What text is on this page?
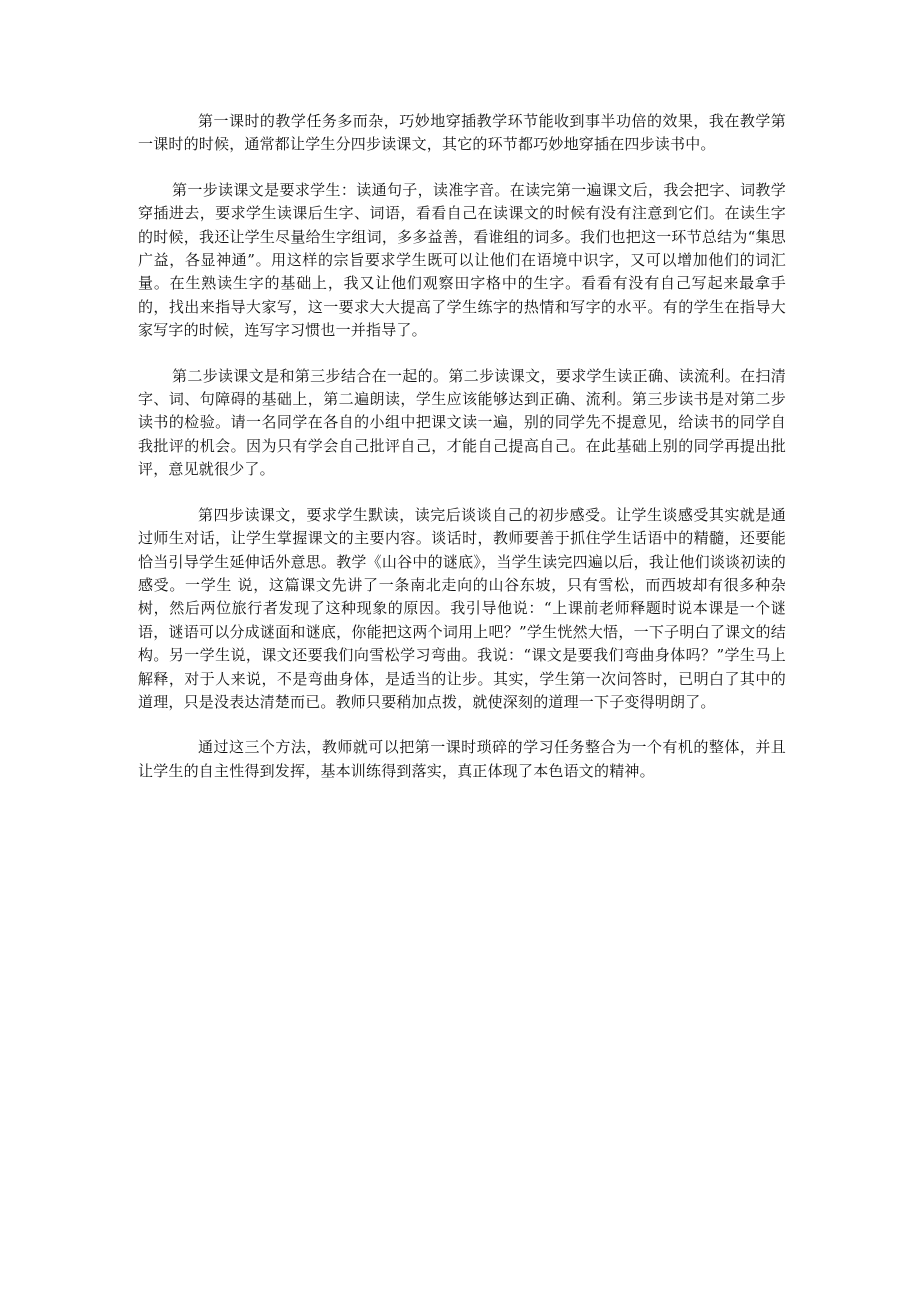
第一课时的教学任务多而杂，巧妙地穿插教学环节能收到事半功倍的效果，我在教学第一课时的时候，通常都让学生分四步读课文，其它的环节都巧妙地穿插在四步读书中。

第一步读课文是要求学生：读通句子，读准字音。在读完第一遍课文后，我会把字、词教学穿插进去，要求学生读课后生字、词语，看看自己在读课文的时候有没有注意到它们。在读生字的时候，我还让学生尽量给生字组词，多多益善，看谁组的词多。我们也把这一环节总结为“集思广益，各显神通”。用这样的宗旨要求学生既可以让他们在语境中识字，又可以增加他们的词汇量。在生熟读生字的基础上，我又让他们观察田字格中的生字。看看有没有自己写起来最拿手的，找出来指导大家写，这一要求大大提高了学生练字的热情和写字的水平。有的学生在指导大家写字的时候，连写字习惯也一并指导了。

第二步读课文是和第三步结合在一起的。第二步读课文，要求学生读正确、读流利。在扫清字、词、句障碍的基础上，第二遍朗读，学生应该能够达到正确、流利。第三步读书是对第二步读书的检验。请一名同学在各自的小组中把课文读一遍，别的同学先不提意见，给读书的同学自 我批评的机会。因为只有学会自己批评自己，才能自己提高自己。在此基础上别的同学再提出批评，意见就很少了。

第四步读课文，要求学生默读，读完后谈谈自己的初步感受。让学生谈感受其实就是通过师生对话，让学生掌握课文的主要内容。谈话时，教师要善于抓住学生话语中的精髓，还要能恰当引导学生延伸话外意思。教学《山谷中的谜底》，当学生读完四遍以后，我让他们谈谈初读的感受。一学生 说，这篇课文先讲了一条南北走向的山谷东坡，只有雪松，而西坡却有很多种杂树，然后两位旅行者发现了这种现象的原因。我引导他说：“上课前老师释题时说本课是一个谜语，谜语可以分成谜面和谜底，你能把这两个词用上吧？”学生恍然大悟，一下子明白了课文的结构。另一学生说，课文还要我们向雪松学习弯曲。我说：“课文是要我们弯曲身体吗？”学生马上解释，对于人来说，不是弯曲身体，是适当的让步。其实，学生第一次问答时，已明白了其中的道理，只是没表达清楚而已。教师只要稍加点拨，就使深刻的道理一下子变得明朗了。

通过这三个方法，教师就可以把第一课时琐碎的学习任务整合为一个有机的整体，并且让学生的自主性得到发挥，基本训练得到落实，真正体现了本色语文的精神。
